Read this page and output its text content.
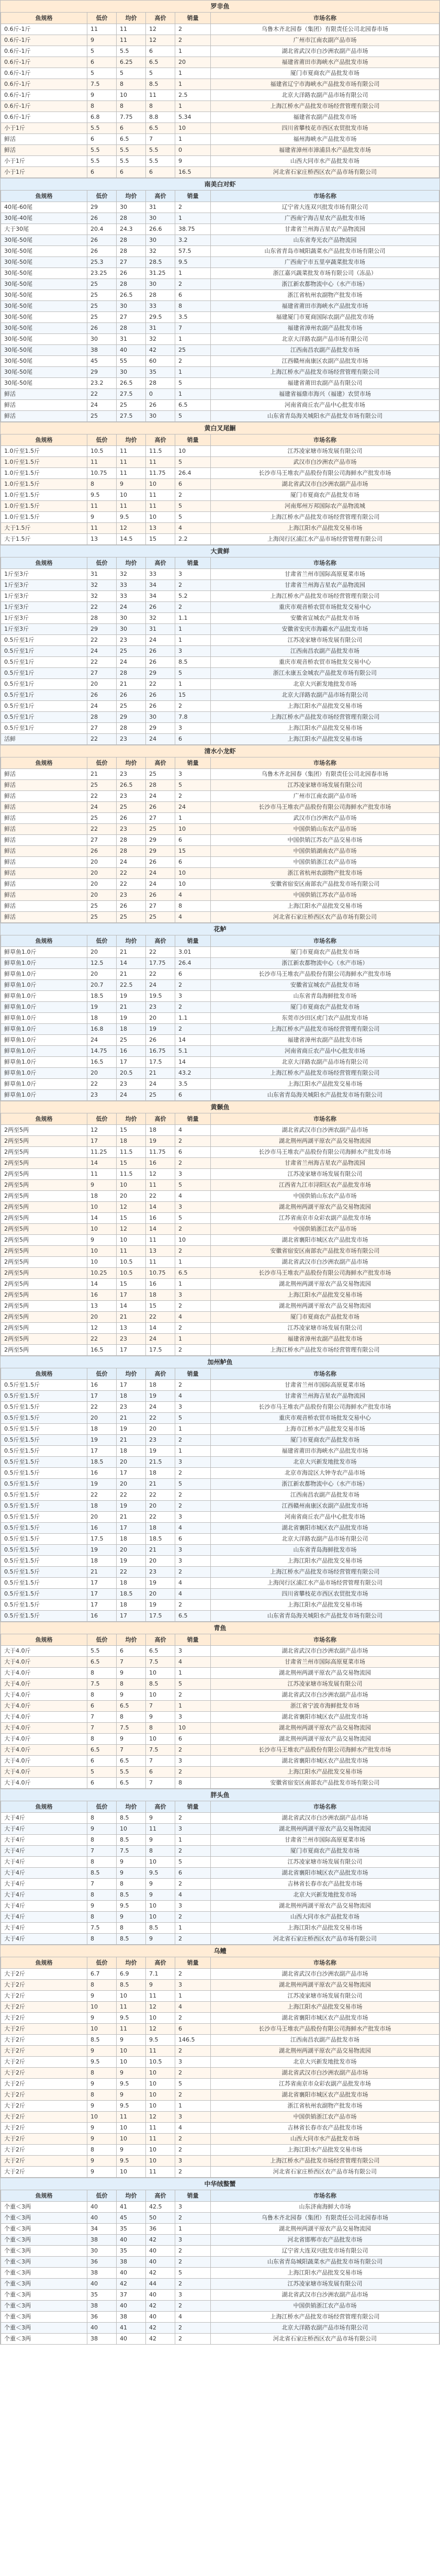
罗非鱼
鱼规格	低价	均价	高价	销量	市场名称
0.6斤-1斤	11	11	12	2	乌鲁木齐北园春（集团）有限责任公司北园春市场
0.6斤-1斤	9	11	12	2	广州市江南农副产品市场
0.6斤-1斤	5	5.5	6	1	湖北省武汉市白沙洲农副产品市场
0.6斤-1斤	6	6.25	6.5	20	福建省莆田市海峡水产品批发市场
0.6斤-1斤	5	5	5	1	厦门市夏商农产品批发市场
0.6斤-1斤	7.5	8	8.5	1	福建省辽宁市海峡水产品批发市场有限公司
0.6斤-1斤	9	10	11	2.5	北京大洋路农副产品市场有限公司
0.6斤-1斤	8	8	8	1	上海江桥水产品批发市场经营管理有限公司
0.6斤-1斤	6.8	7.75	8.8	5.34	福建省农副产品批发市场
小于1斤	5.5	6	6.5	10	四川省攀枝花市西区农贸批发市场
鲜活	6	6.5	7	1	福州海峡水产品批发市场
鲜活	5.5	5.5	5.5	0	福建省漳州市漳浦县水产品批发市场
小于1斤	5.5	5.5	5.5	9	山西大同市水产品批发市场
小于1斤	6	6	6	16.5	河北省石家庄桥西区农产品市场有限公司
南美白对虾
鱼规格	低价	均价	高价	销量	市场名称
40尾-60尾	29	30	31	2	辽宁省大连双兴批发市场有限公司
30尾-40尾	26	28	30	1	广西南宁海吉星农产品批发市场
大于30尾	20.4	24.3	26.6	38.75	甘肃省兰州海吉星农产品物流园
30尾-50尾	26	28	30	3.2	山东省寿光农产品物流园
30尾-50尾	26	28	32	57.5	山东省青岛市城阳蔬菜水产品批发市场有限公司
30尾-50尾	25.3	27	28.5	9.5	广西南宁市五里亭蔬菜批发市场
30尾-50尾	23.25	26	31.25	1	浙江嘉兴蔬菜批发市场有限公司（冻品）
30尾-50尾	25	28	30	2	浙江新农都物流中心（水产市场）
30尾-50尾	25	26.5	28	6	浙江省杭州农副物产批发市场
30尾-50尾	25	30	33	8	福建省莆田市海峡水产品批发市场
30尾-50尾	25	27	29.5	3.5	福建厦门市夏商国际农副产品批发市场
30尾-50尾	26	28	31	7	福建省漳州农副产品批发市场
30尾-50尾	30	31	32	1	北京大洋路农副产品市场有限公司
30尾-50尾	38	40	42	25	江西南昌农副产品批发市场
30尾-50尾	45	55	60	2	江西赣州南康区农副产品批发市场
30尾-50尾	29	30	35	1	上海江桥水产品批发市场经营管理有限公司
30尾-50尾	23.2	26.5	28	5	福建省莆田农副产品有限公司
鲜活	22	27.5	0	1	福建省福鼎市海兴（福建）农贸市场
鲜活	24	25	26	6.5	河南省商丘农产品中心批发市场
鲜活	25	27.5	30	5	山东省青岛海关城阳水产品批发市场有限公司
黄白叉尾鮰
鱼规格	低价	均价	高价	销量	市场名称
1.0斤至1.5斤	10.5	11	11.5	10	江苏凌家塘市场发展有限公司
1.0斤至1.5斤	11	11	11	5	武汉市白沙洲农产品市场
1.0斤至1.5斤	10.75	11	11.75	26.4	长沙市马王堆农产品股份有限公司海鲜水产批发市场
1.0斤至1.5斤	8	9	10	6	湖北省武汉市白沙洲农副产品市场
1.0斤至1.5斤	9.5	10	11	2	厦门市夏商农产品批发市场
1.0斤至1.5斤	11	11	11	5	河南郑州万邦国际农产品物流城
1.0斤至1.5斤	9	9.5	10	5	上海江桥水产品批发市场经营管理有限公司
大于1.5斤	11	12	13	4	上海江阳水产品批发交易市场
大于1.5斤	13	14.5	15	2.2	上海闵行区浦江水产品市场经营管理有限公司
大黄鲜
鱼规格	低价	均价	高价	销量	市场名称
1斤至3斤	31	32	33	3	甘肃省兰州市国际高原夏菜市场
1斤至3斤	32	33	34	2	甘肃省兰州海吉星农产品物流园
1斤至3斤	32	33	34	5.2	上海江桥水产品批发市场经营管理有限公司
1斤至3斤	22	24	26	2	重庆市观音桥农贸市场批发交易中心
1斤至3斤	28	30	32	1.1	安徽省宣城农产品批发市场
1斤至3斤	29	30	31	1	安徽省安庆市海霸水产品批发市场
0.5斤至1斤	22	23	24	1	江苏凌家塘市场发展有限公司
0.5斤至1斤	24	25	26	3	江西南昌农副产品批发市场
0.5斤至1斤	22	24	26	8.5	重庆市观音桥农贸市场批发交易中心
0.5斤至1斤	27	28	29	5	浙江永康五金城农产品批发市场有限公司
0.5斤至1斤	20	21	22	1	北京大兴新发地批发市场
0.5斤至1斤	26	26	26	15	北京大洋路农副产品市场有限公司
0.5斤至1斤	24	25	26	2	上海江阳水产品批发交易市场
0.5斤至1斤	28	29	30	7.8	上海江桥水产品批发市场经营管理有限公司
0.5斤至1斤	27	28	29	3	上海江阳水产品批发交易市场
活鲜	22	23	24	6	上海江阳水产品批发交易市场
清水小龙虾
鱼规格	低价	均价	高价	销量	市场名称
鲜活	21	23	25	3	乌鲁木齐北园春（集团）有限责任公司北园春市场
鲜活	25	26.5	28	5	江苏凌家塘市场发展有限公司
鲜活	22	23	24	2	广州市江南农副产品市场
鲜活	24	25	26	24	长沙市马王堆农产品股份有限公司海鲜水产批发市场
鲜活	25	26	27	1	武汉市白沙洲农产品市场
鲜活	22	23	25	10	中国供销山东农产品市场
鲜活	27	28	29	6	中国供销江苏农产品交易市场
鲜活	26	28	29	15	中国供销湖南农产品市场
鲜活	20	24	26	6	中国供销浙江农产品市场
鲜活	20	22	24	10	浙江省杭州农副物产批发市场
鲜活	20	22	24	10	安徽省宿安区南部农产品批发市场有限公司
鲜活	20	23	26	4	中国供销江苏农产品市场
鲜活	25	26	27	8	上海江阳水产品批发交易市场
鲜活	25	25	25	4	河北省石家庄桥西区农产品市场有限公司
花鲈
鱼规格	低价	均价	高价	销量	市场名称
鲜草鱼1.0斤	20	21	22	3.01	厦门市夏商农产品批发市场
鲜草鱼1.0斤	12.5	14	17.75	26.4	浙江新农都物流中心（水产市场）
鲜草鱼1.0斤	20	21	22	6	长沙市马王堆农产品股份有限公司海鲜水产批发市场
鲜草鱼1.0斤	20.7	22.5	24	2	安徽省宣城农产品批发市场
鲜草鱼1.0斤	18.5	19	19.5	3	山东省青岛海鲜批发市场
鲜草鱼1.0斤	19	21	23	2	厦门市夏商农产品批发市场
鲜草鱼1.0斤	18	19	20	1.1	东莞市沙田区虎门农产品批发市场
鲜草鱼1.0斤	16.8	18	19	2	上海江桥水产品批发市场经营管理有限公司
鲜草鱼1.0斤	24	25	26	14	福建省漳州农副产品批发市场
鲜草鱼1.0斤	14.75	16	16.75	5.1	河南省商丘农产品中心批发市场
鲜草鱼1.0斤	16.5	17	17.5	14	北京大洋路农副产品市场有限公司
鲜草鱼1.0斤	20	20.5	21	43.2	上海江桥水产品批发市场经营管理有限公司
鲜草鱼1.0斤	22	23	24	3.5	上海江阳水产品批发交易市场
鲜草鱼1.0斤	23	24	25	6	山东省青岛海关城阳水产品批发市场有限公司
黄颡鱼
鱼规格	低价	均价	高价	销量	市场名称
2两至5两	12	15	18	4	湖北省武汉市白沙洲农副产品市场
2两至5两	17	18	19	2	湖北荆州两湖平原农产品交易物流园
2两至5两	11.25	11.5	11.75	6	长沙市马王堆农产品股份有限公司海鲜水产批发市场
2两至5两	14	15	16	2	甘肃省兰州海吉星农产品物流园
2两至5两	11	11.5	12	3	江苏凌家塘市场发展有限公司
2两至5两	9	10	11	5	江西省九江市浔阳区农产品批发市场
2两至5两	18	20	22	4	中国供销山东农产品市场
2两至5两	10	12	14	3	湖北荆州两湖平原农产品交易物流园
2两至5两	14	15	16	5	江苏省南京市众彩农副产品批发市场
2两至5两	10	12	14	2	中国供销浙江农产品市场
2两至5两	9	10	11	10	湖北省襄阳市城区农产品批发市场
2两至5两	10	11	13	2	安徽省宿安区南部农产品批发市场有限公司
2两至5两	10	10.5	11	1	湖北省武汉市白沙洲农副产品市场
2两至5两	10.25	10.5	10.75	6.5	长沙市马王堆农产品股份有限公司海鲜水产批发市场
2两至5两	14	15	16	1	湖北荆州两湖平原农产品交易物流园
2两至5两	16	17	18	3	上海江阳水产品批发交易市场
2两至5两	13	14	15	2	湖北荆州两湖平原农产品交易物流园
2两至5两	20	21	22	4	厦门市夏商农产品批发市场
2两至5两	12	13	14	2	江苏凌家塘市场发展有限公司
2两至5两	22	23	24	1	福建省漳州农副产品批发市场
2两至5两	16.5	17	17.5	2	上海江桥水产品批发市场经营管理有限公司
加州鲈鱼
鱼规格	低价	均价	高价	销量	市场名称
0.5斤至1.5斤	16	17	18	2	甘肃省兰州市国际高原夏菜市场
0.5斤至1.5斤	17	18	19	4	甘肃省兰州海吉星农产品物流园
0.5斤至1.5斤	22	23	24	3	长沙市马王堆农产品股份有限公司海鲜水产批发市场
0.5斤至1.5斤	20	21	22	5	重庆市观音桥农贸市场批发交易中心
0.5斤至1.5斤	18	19	20	1	上海市江桥水产品批发交易市场
0.5斤至1.5斤	19	21	23	2	厦门市夏商农产品批发市场
0.5斤至1.5斤	17	18	19	1	福建省莆田市海峡水产品批发市场
0.5斤至1.5斤	18.5	20	21.5	3	北京大兴新发地批发市场
0.5斤至1.5斤	16	17	18	2	北京市海淀区大钟寺农产品市场
0.5斤至1.5斤	19	20	21	5	浙江新农都物流中心（水产市场）
0.5斤至1.5斤	22	22	22	2	江西南昌农副产品批发市场
0.5斤至1.5斤	18	19	20	2	江西赣州南康区农副产品批发市场
0.5斤至1.5斤	20	21	22	3	河南省商丘农产品中心批发市场
0.5斤至1.5斤	16	17	18	4	湖北省襄阳市城区农产品批发市场
0.5斤至1.5斤	17.5	18	18.5	6	北京大洋路农副产品市场有限公司
0.5斤至1.5斤	19	20	21	3	山东省青岛海鲜批发市场
0.5斤至1.5斤	18	19	20	3	上海江阳水产品批发交易市场
0.5斤至1.5斤	21	22	23	2	上海江桥水产品批发市场经营管理有限公司
0.5斤至1.5斤	17	18	19	4	上海闵行区浦江水产品市场经营管理有限公司
0.5斤至1.5斤	17	18.5	20	4	四川省攀枝花市西区农贸批发市场
0.5斤至1.5斤	17	18	19	2	上海江阳水产品批发交易市场
0.5斤至1.5斤	16	17	17.5	6.5	山东省青岛海关城阳水产品批发市场有限公司
青鱼
鱼规格	低价	均价	高价	销量	市场名称
大于4.0斤	5.5	6	6.5	3	湖北省武汉市白沙洲农副产品市场
大于4.0斤	6.5	7	7.5	4	甘肃省兰州市国际高原夏菜市场
大于4.0斤	8	9	10	1	湖北荆州两湖平原农产品交易物流园
大于4.0斤	7.5	8	8.5	5	江苏凌家塘市场发展有限公司
大于4.0斤	8	9	10	2	湖北省武汉市白沙洲农副产品市场
大于4.0斤	6	6.5	7	1	浙江省宁波市海鲜批发市场
大于4.0斤	7	8	9	3	湖北省襄阳市城区农产品批发市场
大于4.0斤	7	7.5	8	10	湖北荆州两湖平原农产品交易物流园
大于4.0斤	8	9	10	6	湖北荆州两湖平原农产品交易物流园
大于4.0斤	6.5	7	7.5	2	长沙市马王堆农产品股份有限公司海鲜水产批发市场
大于4.0斤	6	6.5	7	3	湖北省襄阳市城区农产品批发市场
大于4.0斤	5	5.5	6	2	上海江阳水产品批发交易市场
大于4.0斤	6	6.5	7	8	安徽省宿安区南部农产品批发市场有限公司
胖头鱼
鱼规格	低价	均价	高价	销量	市场名称
大于4斤	8	8.5	9	2	湖北省武汉市白沙洲农副产品市场
大于4斤	9	10	11	3	湖北荆州两湖平原农产品交易物流园
大于4斤	8	8.5	9	1	甘肃省兰州市国际高原夏菜市场
大于4斤	7	7.5	8	2	厦门市夏商农产品批发市场
大于4斤	8	9	10	5	江苏凌家塘市场发展有限公司
大于4斤	8.5	9	9.5	6	湖北省襄阳市城区农产品批发市场
大于4斤	7	8	9	2	吉林省长春市农产品批发市场
大于4斤	8	8.5	9	4	北京大兴新发地批发市场
大于4斤	9	9.5	10	3	湖北荆州两湖平原农产品交易物流园
大于4斤	8	9	10	2	山西大同市水产品批发市场
大于4斤	7.5	8	8.5	1	上海江阳水产品批发交易市场
大于4斤	8	8.5	9	2	河北省石家庄桥西区农产品市场有限公司
乌鳢
鱼规格	低价	均价	高价	销量	市场名称
大于2斤	6.7	6.9	7.1	2	湖北省武汉市白沙洲农副产品市场
大于2斤	8	8.5	9	3	湖北荆州两湖平原农产品交易物流园
大于2斤	9	10	11	1	江苏凌家塘市场发展有限公司
大于2斤	10	11	12	4	上海江阳水产品批发交易市场
大于2斤	9	9.5	10	2	湖北省襄阳市城区农产品批发市场
大于2斤	10	11	12	6	长沙市马王堆农产品股份有限公司海鲜水产批发市场
大于2斤	8.5	9	9.5	146.5	江西南昌农副产品批发市场
大于2斤	9	10	11	2	湖北荆州两湖平原农产品交易物流园
大于2斤	9.5	10	10.5	3	北京大兴新发地批发市场
大于2斤	8	9	10	2	湖北省武汉市白沙洲农副产品市场
大于2斤	9	9.5	10	5	江苏省南京市众彩农副产品批发市场
大于2斤	8	9	10	2	湖北省襄阳市城区农产品批发市场
大于2斤	9	9.5	10	1	浙江省杭州农副物产批发市场
大于2斤	10	11	12	3	中国供销浙江农产品市场
大于2斤	9	10	11	4	吉林省长春市农产品批发市场
大于2斤	9	10	11	2	山西大同市水产品批发市场
大于2斤	8	9	10	2	上海江阳水产品批发交易市场
大于2斤	9	9.5	10	3	上海江桥水产品批发市场经营管理有限公司
大于2斤	9	10	11	2	河北省石家庄桥西区农产品市场有限公司
中华绒螯蟹
鱼规格	低价	均价	高价	销量	市场名称
个重＜3两	40	41	42.5	3	山东济南海鲜大市场
个重＜3两	40	45	50	2	乌鲁木齐北园春（集团）有限责任公司北园春市场
个重＜3两	34	35	36	1	湖北荆州两湖平原农产品交易物流园
个重＜3两	38	40	42	3	河北省邯郸市农产品批发市场
个重＜3两	30	35	40	2	辽宁省大连双兴批发市场有限公司
个重＜3两	36	38	40	2	山东省青岛城阳蔬菜水产品批发市场有限公司
个重＜3两	38	40	42	5	上海江阳水产品批发交易市场
个重＜3两	40	42	44	2	江苏凌家塘市场发展有限公司
个重＜3两	35	37	40	3	湖北省武汉市白沙洲农副产品市场
个重＜3两	38	40	42	2	中国供销浙江农产品市场
个重＜3两	36	38	40	4	上海江桥水产品批发市场经营管理有限公司
个重＜3两	40	41	42	2	北京大洋路农副产品市场有限公司
个重＜3两	38	40	42	2	河北省石家庄桥西区农产品市场有限公司
